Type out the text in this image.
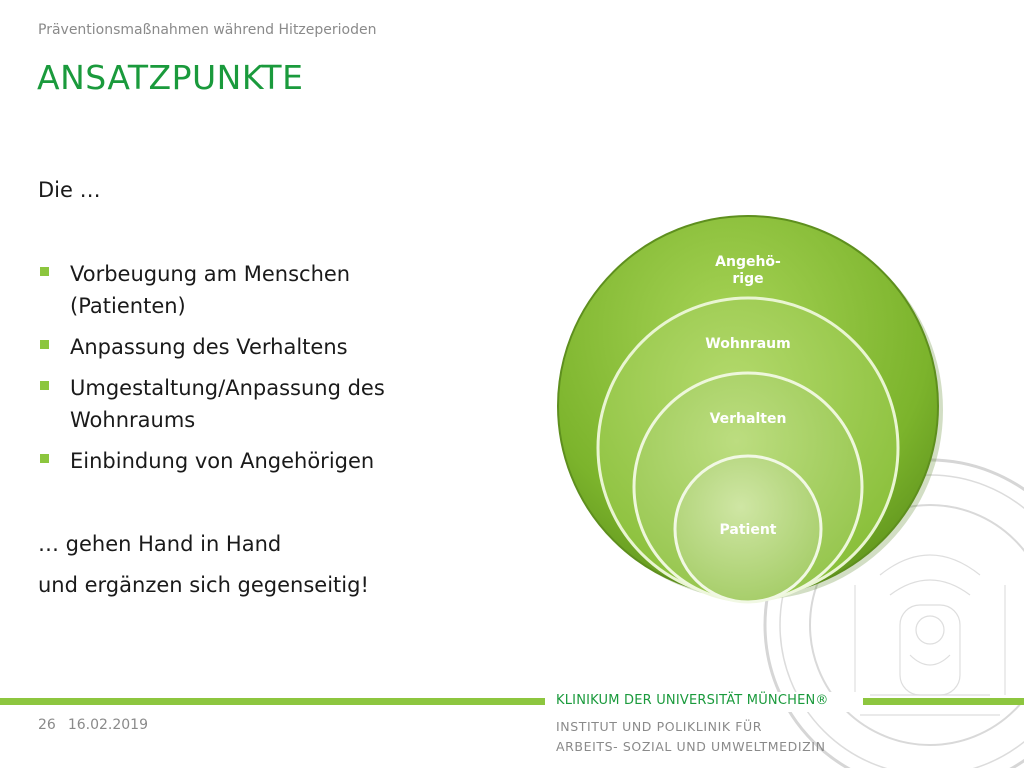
Präventionsmaßnahmen während Hitzeperioden
ANSATZPUNKTE
Die …
Vorbeugung am Menschen (Patienten)
Anpassung des Verhaltens
Umgestaltung/Anpassung des Wohnraums
Einbindung von Angehörigen
… gehen Hand in Hand
und ergänzen sich gegenseitig!
Angehö-
rige
Wohnraum
Verhalten
Patient
26 16.02.2019
KLINIKUM DER UNIVERSITÄT MÜNCHEN®
INSTITUT UND POLIKLINIK FÜR
ARBEITS- SOZIAL UND UMWELTMEDIZIN
